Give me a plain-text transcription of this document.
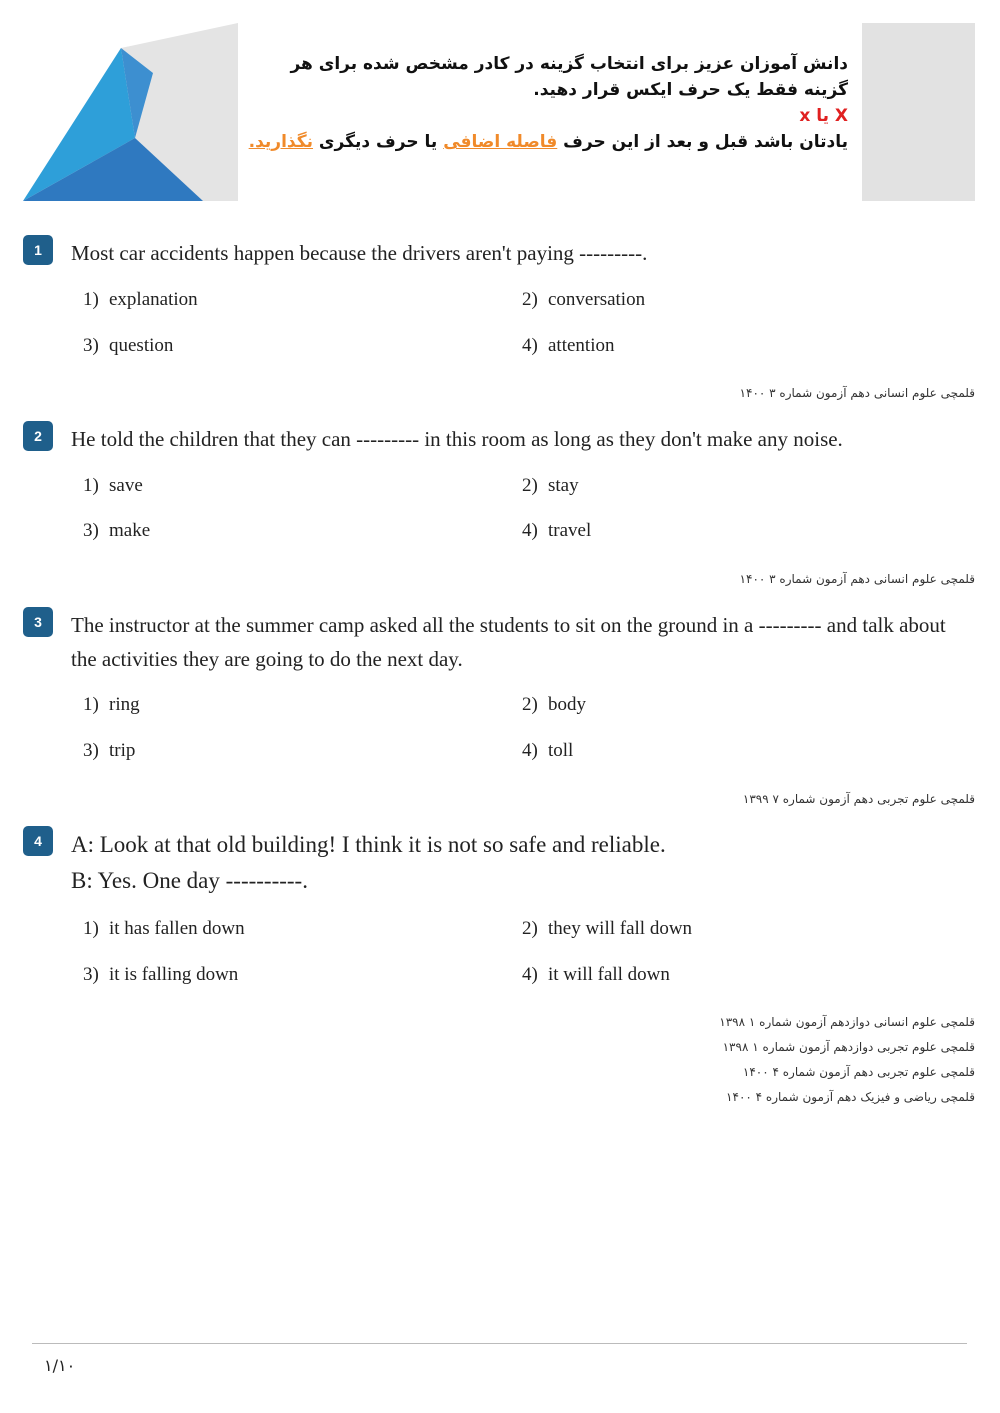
دانش آموزان عزیز برای انتخاب گزینه در کادر مشخص شده برای هر
گزینه فقط یک حرف ایکس قرار دهید.
X یا x
یادتان باشد قبل و بعد از این حرف فاصله اضافی یا حرف دیگری نگذارید.
1	Most car accidents happen because the drivers aren't paying ---------.
1) explanation	2) conversation
3) question	4) attention
قلمچی علوم انسانی دهم آزمون شماره ۳ ۱۴۰۰
2	He told the children that they can --------- in this room as long as they don't make any noise.
1) save	2) stay
3) make	4) travel
قلمچی علوم انسانی دهم آزمون شماره ۳ ۱۴۰۰
3	The instructor at the summer camp asked all the students to sit on the ground in a --------- and talk about
the activities they are going to do the next day.
1) ring	2) body
3) trip	4) toll
قلمچی علوم تجربی دهم آزمون شماره ۷ ۱۳۹۹
4	A: Look at that old building! I think it is not so safe and reliable.
B: Yes. One day ----------.
1) it has fallen down	2) they will fall down
3) it is falling down	4) it will fall down
قلمچی علوم انسانی دوازدهم آزمون شماره ۱ ۱۳۹۸
قلمچی علوم تجربی دوازدهم آزمون شماره ۱ ۱۳۹۸
قلمچی علوم تجربی دهم آزمون شماره ۴ ۱۴۰۰
قلمچی ریاضی و فیزیک دهم آزمون شماره ۴ ۱۴۰۰
۱/۱۰
